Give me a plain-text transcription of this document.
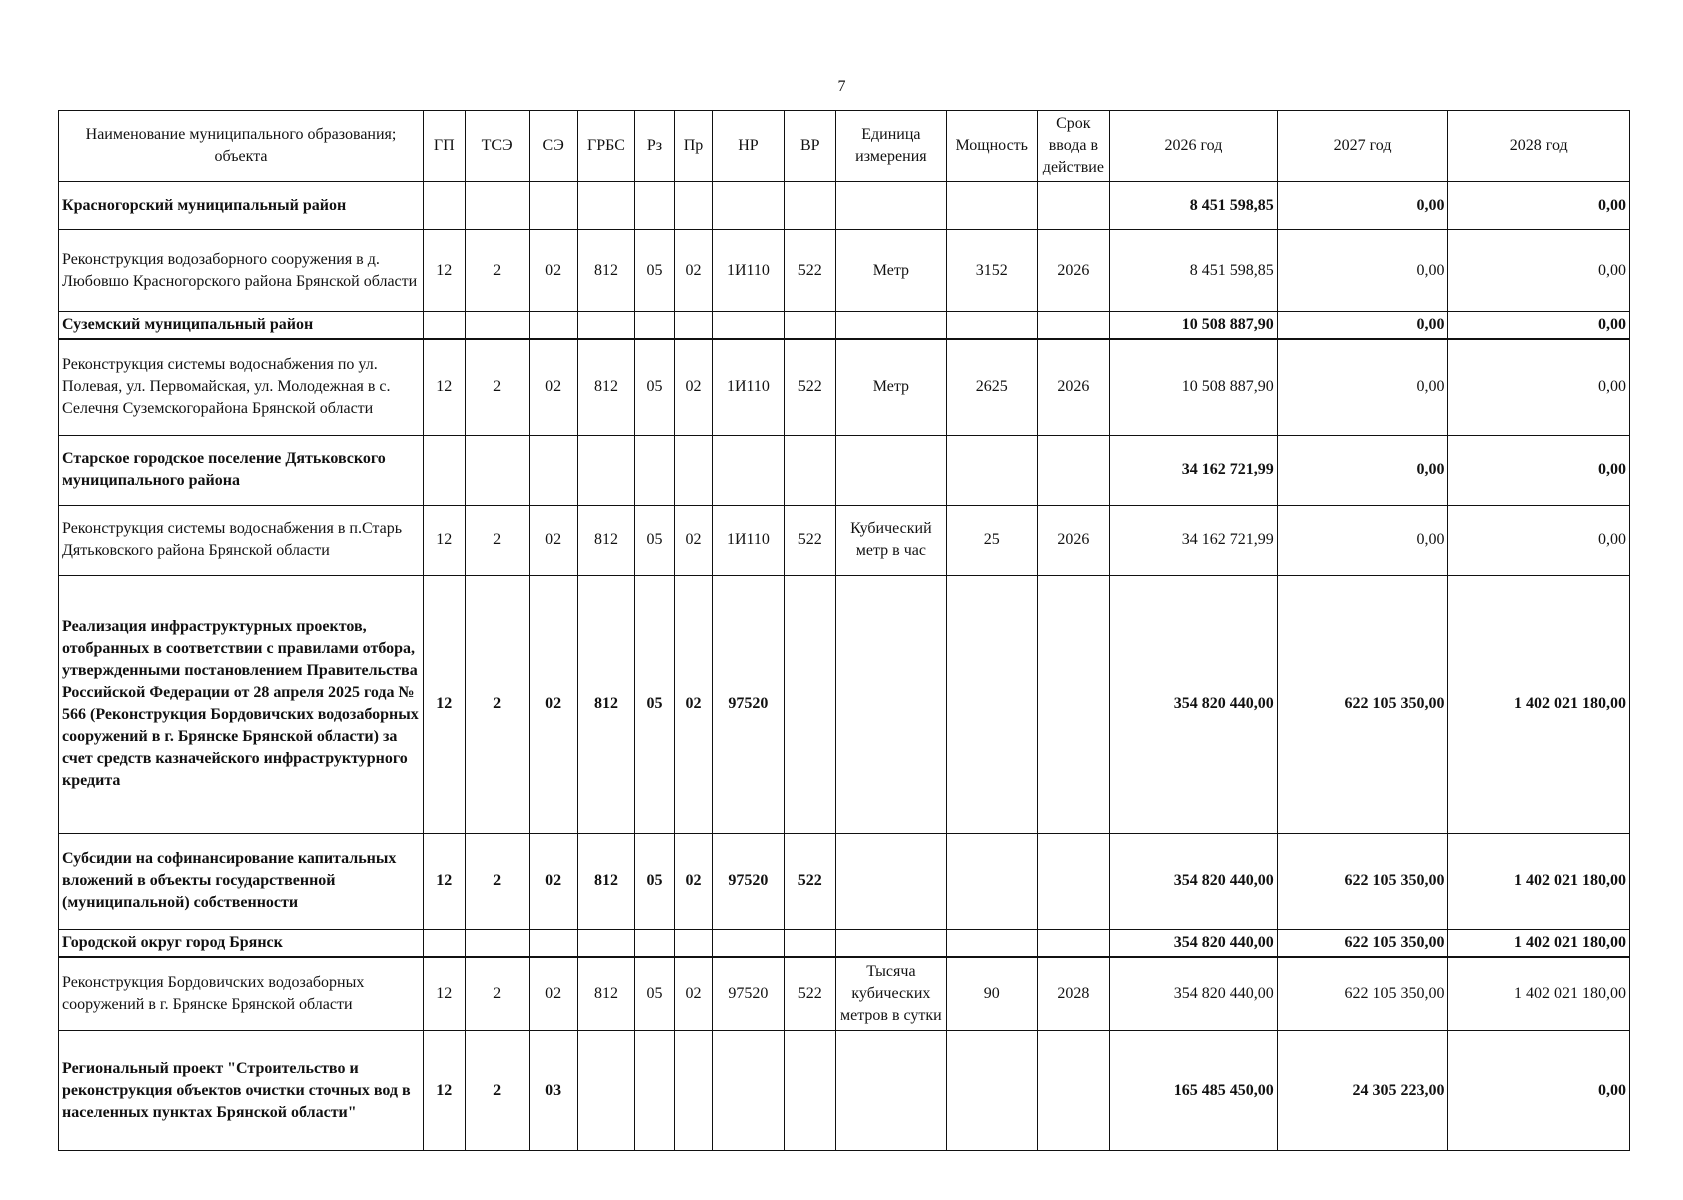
7
Наименование муниципального образования; объекта	ГП	ТСЭ	СЭ	ГРБС	Рз	Пр	НР	ВР	Единица измерения	Мощность	Срок ввода в действие	2026 год	2027 год	2028 год
Красногорский муниципальный район												8 451 598,85	0,00	0,00
Реконструкция водозаборного сооружения в д. Любовшо Красногорского района Брянской области	12	2	02	812	05	02	1И110	522	Метр	3152	2026	8 451 598,85	0,00	0,00
Суземский муниципальный район												10 508 887,90	0,00	0,00
Реконструкция системы водоснабжения по ул. Полевая, ул. Первомайская, ул. Молодежная в с. Селечня Суземскогорайона Брянской области	12	2	02	812	05	02	1И110	522	Метр	2625	2026	10 508 887,90	0,00	0,00
Старское городское поселение Дятьковского муниципального района												34 162 721,99	0,00	0,00
Реконструкция системы водоснабжения в п.Старь Дятьковского района Брянской области	12	2	02	812	05	02	1И110	522	Кубический метр в час	25	2026	34 162 721,99	0,00	0,00
Реализация инфраструктурных проектов, отобранных в соответствии с правилами отбора, утвержденными постановлением Правительства Российской Федерации от 28 апреля 2025 года № 566 (Реконструкция Бордовичских водозаборных сооружений в г. Брянске Брянской области) за счет средств казначейского инфраструктурного кредита	12	2	02	812	05	02	97520					354 820 440,00	622 105 350,00	1 402 021 180,00
Субсидии на софинансирование капитальных вложений в объекты государственной (муниципальной) собственности	12	2	02	812	05	02	97520	522				354 820 440,00	622 105 350,00	1 402 021 180,00
Городской округ город Брянск												354 820 440,00	622 105 350,00	1 402 021 180,00
Реконструкция Бордовичских водозаборных сооружений в г. Брянске Брянской области	12	2	02	812	05	02	97520	522	Тысяча кубических метров в сутки	90	2028	354 820 440,00	622 105 350,00	1 402 021 180,00
Региональный проект "Строительство и реконструкция объектов очистки сточных вод в населенных пунктах Брянской области"	12	2	03									165 485 450,00	24 305 223,00	0,00
